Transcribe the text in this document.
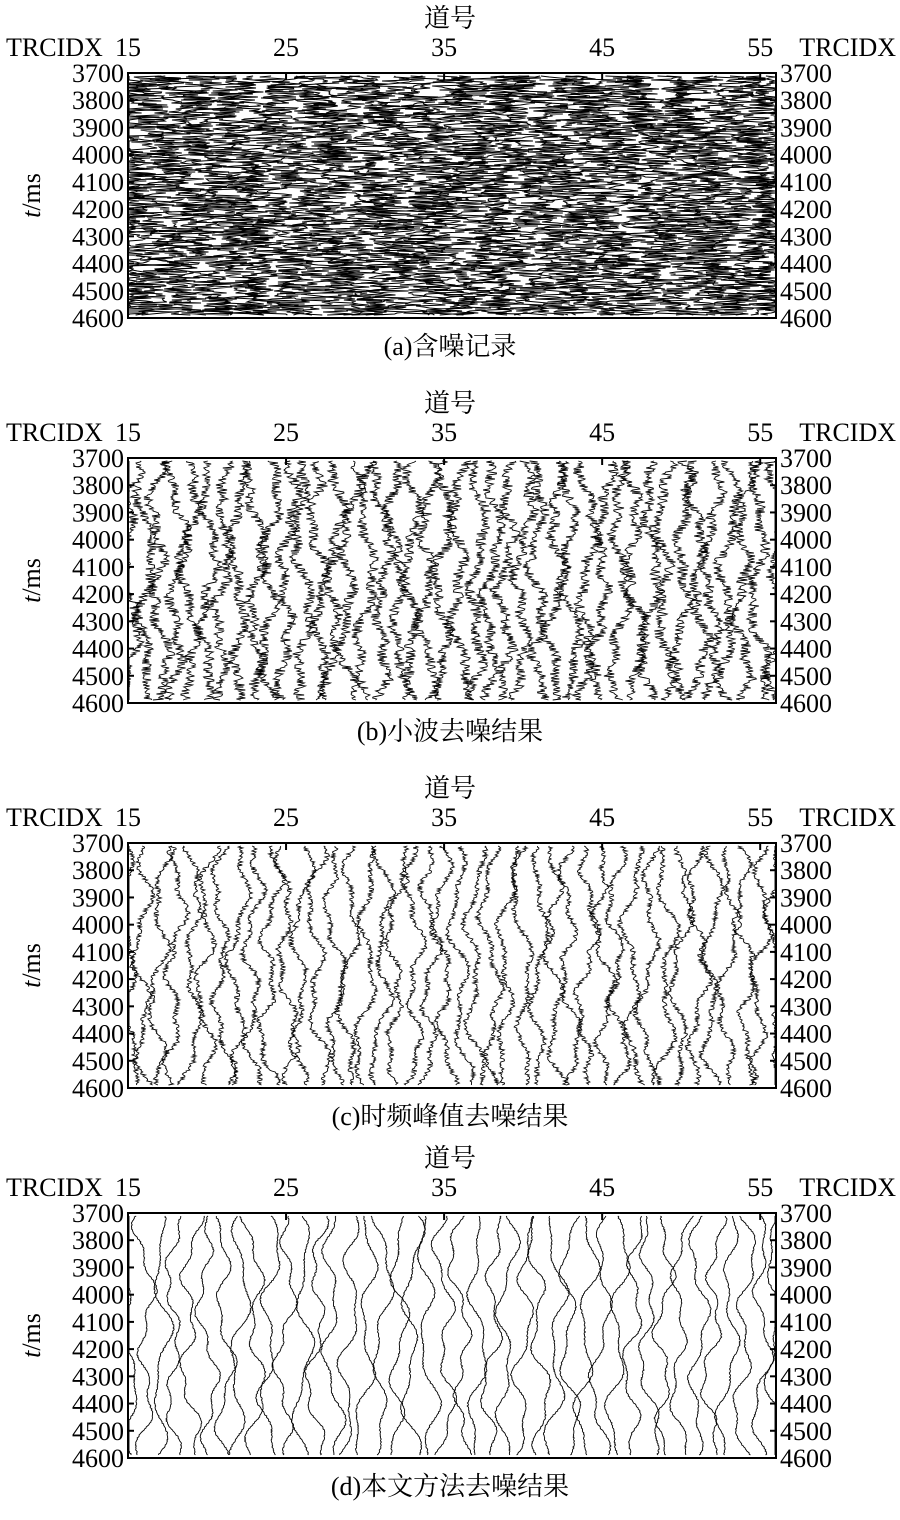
道号
TRCIDX	TRCIDX
t/ms
15	25	35	45	55
3700	3700
3800	3800
3900	3900
4000	4000
4100	4100
4200	4200
4300	4300
4400	4400
4500	4500
4600	4600
(a)含噪记录
道号
TRCIDX	TRCIDX
t/ms
15	25	35	45	55
3700	3700
3800	3800
3900	3900
4000	4000
4100	4100
4200	4200
4300	4300
4400	4400
4500	4500
4600	4600
(b)小波去噪结果
道号
TRCIDX	TRCIDX
t/ms
15	25	35	45	55
3700	3700
3800	3800
3900	3900
4000	4000
4100	4100
4200	4200
4300	4300
4400	4400
4500	4500
4600	4600
(c)时频峰值去噪结果
道号
TRCIDX	TRCIDX
t/ms
15	25	35	45	55
3700	3700
3800	3800
3900	3900
4000	4000
4100	4100
4200	4200
4300	4300
4400	4400
4500	4500
4600	4600
(d)本文方法去噪结果
